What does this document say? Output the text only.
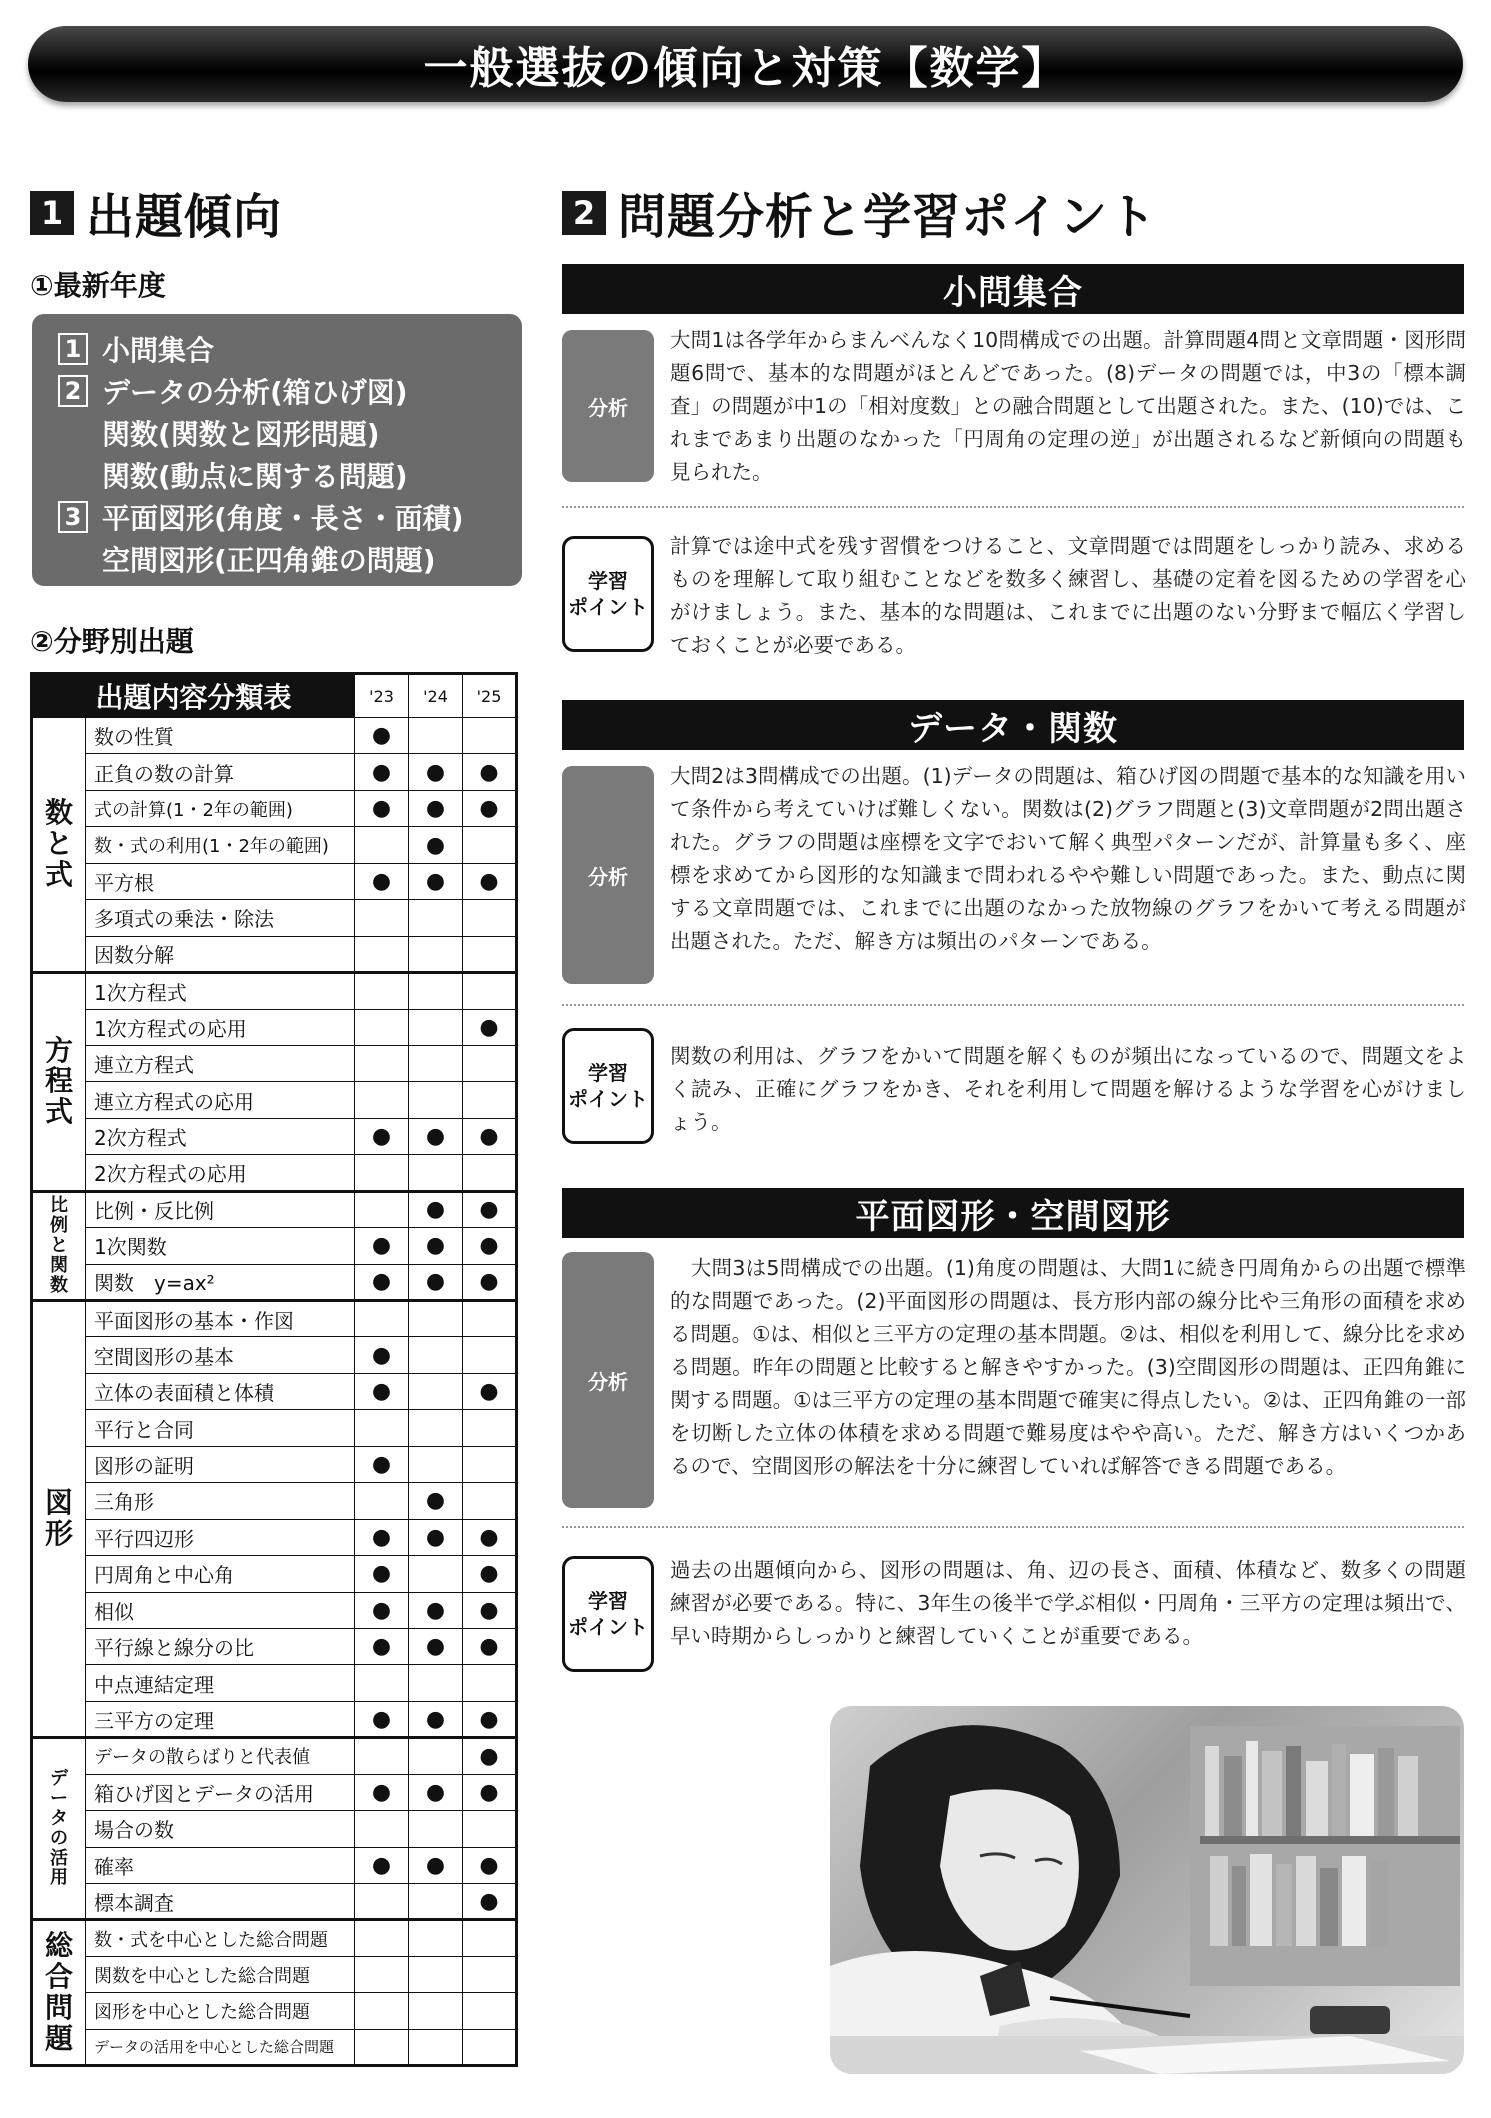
一般選抜の傾向と対策【数学】
1 出題傾向
①最新年度
1 小問集合
2 データの分析(箱ひげ図)
関数(関数と図形問題)
関数(動点に関する問題)
3 平面図形(角度・長さ・面積)
空間図形(正四角錐の問題)
②分野別出題
出題内容分類表		'23	'24	'25
数と式	数の性質	●		
	正負の数の計算	●	●	●
	式の計算(1・2年の範囲)	●	●	●
	数・式の利用(1・2年の範囲)		●	
	平方根	●	●	●
	多項式の乗法・除法			
	因数分解			
方程式	1次方程式			
	1次方程式の応用			●
	連立方程式			
	連立方程式の応用			
	2次方程式	●	●	●
	2次方程式の応用			
比例と関数	比例・反比例		●	●
	1次関数	●	●	●
	関数　y=ax²	●	●	●
図形	平面図形の基本・作図			
	空間図形の基本	●		
	立体の表面積と体積	●		●
	平行と合同			
	図形の証明	●		
	三角形		●	
	平行四辺形	●	●	●
	円周角と中心角	●		●
	相似	●	●	●
	平行線と線分の比	●	●	●
	中点連結定理			
	三平方の定理	●	●	●
データの活用	データの散らばりと代表値			●
	箱ひげ図とデータの活用	●	●	●
	場合の数			
	確率	●	●	●
	標本調査			●
総合問題	数・式を中心とした総合問題			
	関数を中心とした総合問題			
	図形を中心とした総合問題			
	データの活用を中心とした総合問題			
2 問題分析と学習ポイント
小問集合
分析
大問1は各学年からまんべんなく10問構成での出題。計算問題4問と文章問題・図形問題6問で、基本的な問題がほとんどであった。(8)データの問題では，中3の「標本調査」の問題が中1の「相対度数」との融合問題として出題された。また、(10)では、これまであまり出題のなかった「円周角の定理の逆」が出題されるなど新傾向の問題も見られた。
学習
ポイント
計算では途中式を残す習慣をつけること、文章問題では問題をしっかり読み、求めるものを理解して取り組むことなどを数多く練習し、基礎の定着を図るための学習を心がけましょう。また、基本的な問題は、これまでに出題のない分野まで幅広く学習しておくことが必要である。
データ・関数
分析
大問2は3問構成での出題。(1)データの問題は、箱ひげ図の問題で基本的な知識を用いて条件から考えていけば難しくない。関数は(2)グラフ問題と(3)文章問題が2問出題された。グラフの問題は座標を文字でおいて解く典型パターンだが、計算量も多く、座標を求めてから図形的な知識まで問われるやや難しい問題であった。また、動点に関する文章問題では、これまでに出題のなかった放物線のグラフをかいて考える問題が出題された。ただ、解き方は頻出のパターンである。
学習
ポイント
関数の利用は、グラフをかいて問題を解くものが頻出になっているので、問題文をよく読み、正確にグラフをかき、それを利用して問題を解けるような学習を心がけましょう。
平面図形・空間図形
分析
　大問3は5問構成での出題。(1)角度の問題は、大問1に続き円周角からの出題で標準的な問題であった。(2)平面図形の問題は、長方形内部の線分比や三角形の面積を求める問題。①は、相似と三平方の定理の基本問題。②は、相似を利用して、線分比を求める問題。昨年の問題と比較すると解きやすかった。(3)空間図形の問題は、正四角錐に関する問題。①は三平方の定理の基本問題で確実に得点したい。②は、正四角錐の一部を切断した立体の体積を求める問題で難易度はやや高い。ただ、解き方はいくつかあるので、空間図形の解法を十分に練習していれば解答できる問題である。
学習
ポイント
過去の出題傾向から、図形の問題は、角、辺の長さ、面積、体積など、数多くの問題練習が必要である。特に、3年生の後半で学ぶ相似・円周角・三平方の定理は頻出で、早い時期からしっかりと練習していくことが重要である。
